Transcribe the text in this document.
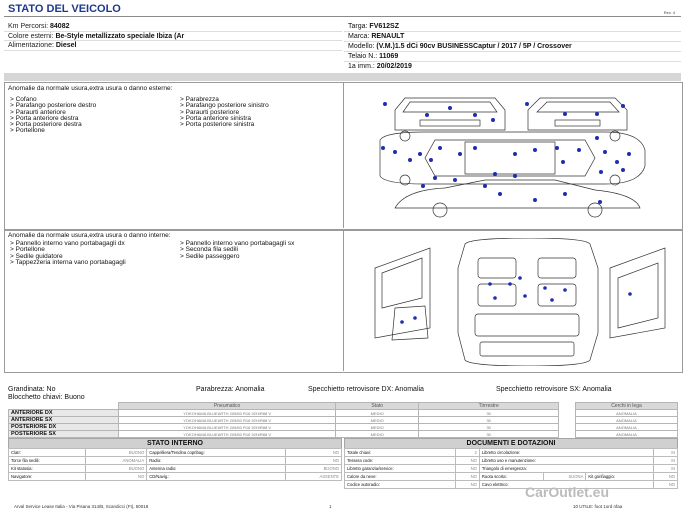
STATO DEL VEICOLO	Rev. 4
Km Percorsi: 84082
Colore esterni: Be-Style metallizzato speciale Ibiza (Ar
Alimentazione: Diesel
Targa: FV612SZ
Marca: RENAULT
Modello: (V.M.)1.5 dCi 90cv BUSINESSCaptur / 2017 / 5P / Crossover
Telaio N.: 11069
1a imm.: 20/02/2019
Anomalie da normale usura,extra usura o danno esterne:
> Cofano
> Parafango posteriore destro
> Paraurti anteriore
> Porta anteriore destra
> Porta posteriore destra
> Portellone
> Parabrezza
> Parafango posteriore sinistro
> Paraurti posteriore
> Porta anteriore sinistra
> Porta posteriore sinistra
Anomalie da normale usura,extra usura o danno interne:
> Pannello interno vano portabagagli dx
> Portellone
> Sedile guidatore
> Tappezzeria interna vano portabagagli
> Pannello interno vano portabagagli sx
> Seconda fila sedili
> Sedile passeggero
Grandinata: No	Parabrezza: Anomalia	Specchietto retrovisore DX: Anomalia	Specchietto retrovisore SX: Anomalia
Blocchetto chiavi: Buono
	Pneumatico	Stato	Tirrrestre		Cerchi in lega
ANTERIORE DX	YOKOHAMA BLUEARTH 205/60 R16 92H/R88 V	MEDIO	30		ANOMALIA
ANTERIORE SX	YOKOHAMA BLUEARTH 205/60 R16 92H/R88 V	MEDIO	30		ANOMALIA
POSTERIORE DX	YOKOHAMA BLUEARTH 205/60 R16 92H/R88 V	MEDIO	30		ANOMALIA
POSTERIORE SX	YOKOHAMA BLUEARTH 205/60 R16 92H/R88 V	MEDIO	30		ANOMALIA
STATO INTERNO
Clatr:	BUONO	Cappelliera/Tendina copribag:	NO
Torce fila sedili:	ANOMALIA	Radio:	NO
Kit statosia:	BUONO	Antenna radio:	BUONO
Navigatore:	NO	CD/Navig.:	ASSENTE
DOCUMENTI E DOTAZIONI
Totale chiavi:	2	Libretto circolazione:			SI
Tessera code:	NO	Libretto uso e manutenzione:			SI
Libretto garanzia/service:	NO	Triangolo di emergenza:			SI
Calore da neve:	NO	Ruota scorta:	SUONA	Kit gonfiaggio:	NO
Codice autoradio:	NO	Cavo elettrico:			NO
Arval Service Lease Italia - Via Pisana 314/B, Scandicci (FI), 50018	1	10 UTILE: foot 1ord nfaa
CarOutlet.eu
